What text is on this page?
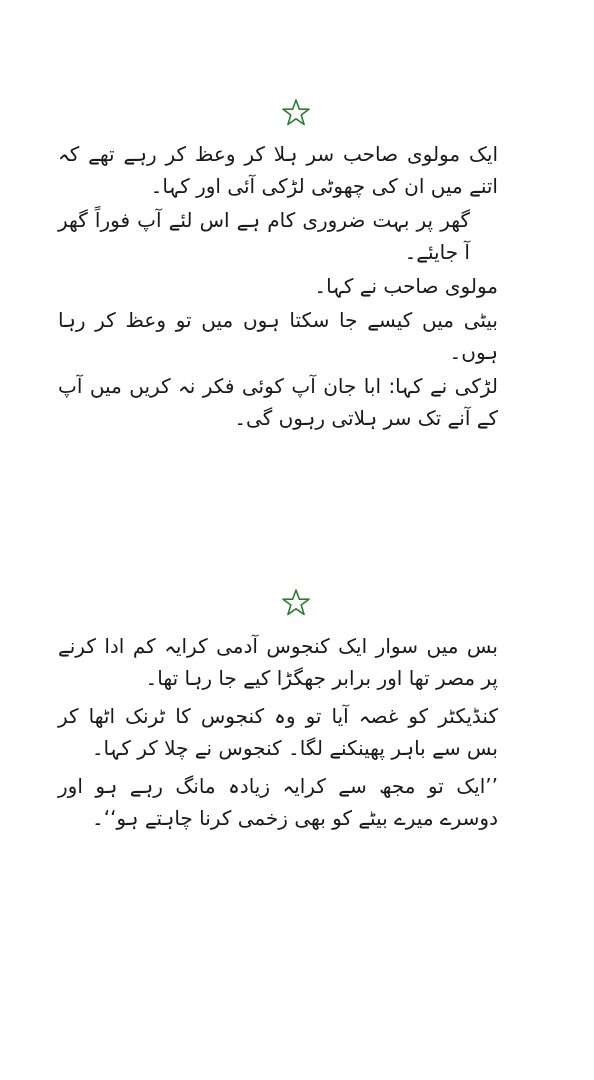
ایک مولوی صاحب سر ہلا کر وعظ کر رہے تھے کہ اتنے میں ان کی چھوٹی لڑکی آئی اور کہا۔

گھر پر بہت ضروری کام ہے اس لئے آپ فوراً گھر آ جایئے۔

مولوی صاحب نے کہا۔

بیٹی میں کیسے جا سکتا ہوں میں تو وعظ کر رہا ہوں۔

لڑکی نے کہا: ابا جان آپ کوئی فکر نہ کریں میں آپ کے آنے تک سر ہلاتی رہوں گی۔

بس میں سوار ایک کنجوس آدمی کرایہ کم ادا کرنے پر مصر تھا اور برابر جھگڑا کیے جا رہا تھا۔

کنڈیکٹر کو غصہ آیا تو وہ کنجوس کا ٹرنک اٹھا کر بس سے باہر پھینکنے لگا۔ کنجوس نے چلا کر کہا۔

’’ایک تو مجھ سے کرایہ زیادہ مانگ رہے ہو اور دوسرے میرے بیٹے کو بھی زخمی کرنا چاہتے ہو‘‘۔
